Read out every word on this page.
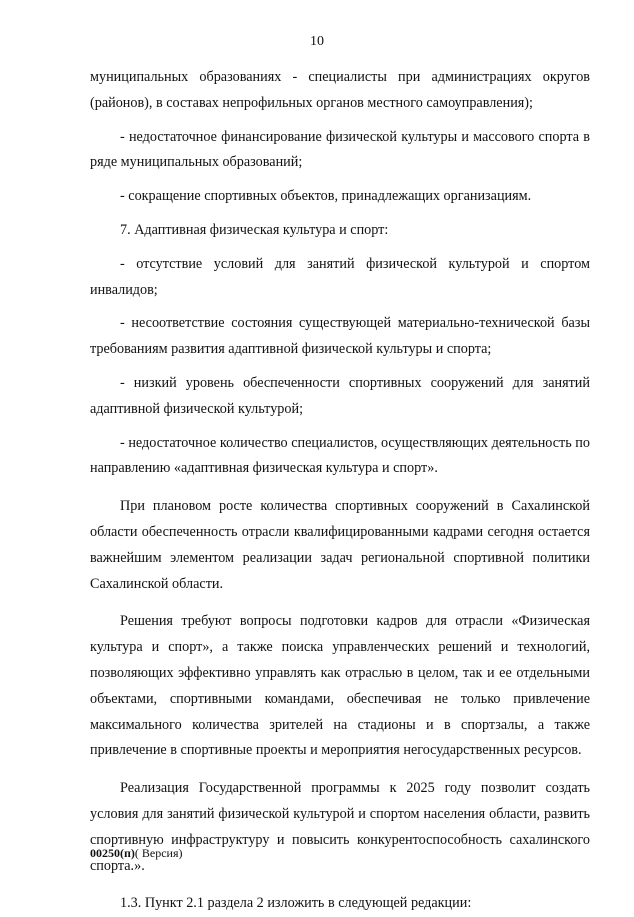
10

муниципальных образованиях - специалисты при администрациях округов (районов), в составах непрофильных органов местного самоуправления);

- недостаточное финансирование физической культуры и массового спорта в ряде муниципальных образований;

- сокращение спортивных объектов, принадлежащих организациям.

7. Адаптивная физическая культура и спорт:

- отсутствие условий для занятий физической культурой и спортом инвалидов;

- несоответствие состояния существующей материально-технической базы требованиям развития адаптивной физической культуры и спорта;

- низкий уровень обеспеченности спортивных сооружений для занятий адаптивной физической культурой;

- недостаточное количество специалистов, осуществляющих деятельность по направлению «адаптивная физическая культура и спорт».

При плановом росте количества спортивных сооружений в Сахалинской области обеспеченность отрасли квалифицированными кадрами сегодня остается важнейшим элементом реализации задач региональной спортивной политики Сахалинской области.

Решения требуют вопросы подготовки кадров для отрасли «Физическая культура и спорт», а также поиска управленческих решений и технологий, позволяющих эффективно управлять как отраслью в целом, так и ее отдельными объектами, спортивными командами, обеспечивая не только привлечение максимального количества зрителей на стадионы и в спортзалы, а также привлечение в спортивные проекты и мероприятия негосударственных ресурсов.

Реализация Государственной программы к 2025 году позволит создать условия для занятий физической культурой и спортом населения области, развить спортивную инфраструктуру и повысить конкурентоспособность сахалинского спорта.».

1.3. Пункт 2.1 раздела 2 изложить в следующей редакции:

00250(п)( Версия)
